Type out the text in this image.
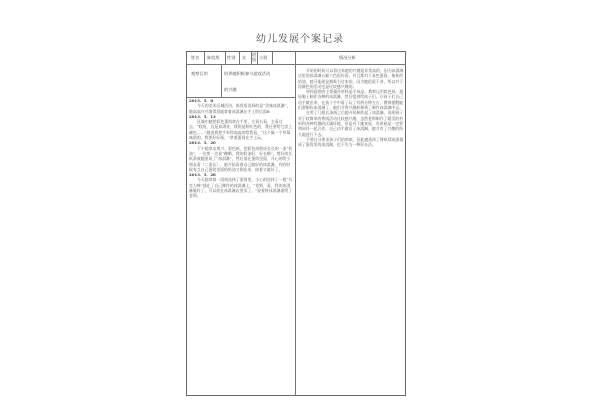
幼儿发展个案记录
姓名 陈欣彤 性别 女
班级 小班	情况分析
观察目的	培养她积极参与游戏活动
的兴趣

2013．5．8

今天的美术区域活动，陈欣彤选择的是“美味冰淇淋”，她高高兴兴地得意地拿着冰淇淋在手上给后面B

2013．5．13

区域中她把彩色蛋筒拿在手里，左看右看，右看过去，“哎呀，这是真漂亮，我的是粉红色的，我还要给它涂上颜色……”她说着把手举得高高的给我看，“这个像一个草莓味道的，我要好好画，”拿着蛋筒在手上玩。

2013．5．20

下午她拿出剪刀、彩色纸，把彩色纸剪成长长的一条“奶油”，一边剪一边说“糖啊，我的奶油好，好长啊”。剪好的长纸条被她团成了“冰淇淋”，然后插在蛋筒里面，开心的给小朋友看（二条长），她开始看着自己做好的冰淇淋，有的时候有点自己蛋筒里面的奶油又倒出来，接着又做好了。

2013．5．28

今天她拿着一团纸选择了蛋筒里，小心的选择了一根“巧克力棒”插在了自己制作的冰淇淋上，“老师，看，我的冰淇淋做好了，可以放在冰淇淋店里卖了。”说着将冰淇淋递给了老师。

开始的时候可以看出来她的兴趣是非常高的，因为冰淇淋店里的冰淇淋五颜六色很好看，并且都对于灰色蛋筒、抽象的奶油，她可能就是被吸引过来的，因为她很爱干净，所以对于涂颜色的活动也是比较感兴趣的。

材料提供的主要操作材料是半成品，教师运用彩色纸、超轻黏土制作各种的冰淇淋，然后提供给孩子们，让孩子们自己动手做出来，在孩子手中看了玩了有两分钟左右，教师提醒她们要制作冰淇淋了，她们才将兴趣转移到了制作冰淇淋中去。

在剪了几根长条纸之后她开始制作起了冰淇淋，说明孩子对于较简单的剪纸活动比较感兴趣，虽然老师制作了精美的材料和各种有趣的区域环境，但是对于她来说，有时候是一定要和同伴一起合作，自己动手做出了冰淇淋，她才有了兴趣的持久地进行下去。

不要过分要求孩子们的剪纸，因此她选择了将纸揉成团做成了蛋筒里的冰淇淋，也不失为一种好办法。
